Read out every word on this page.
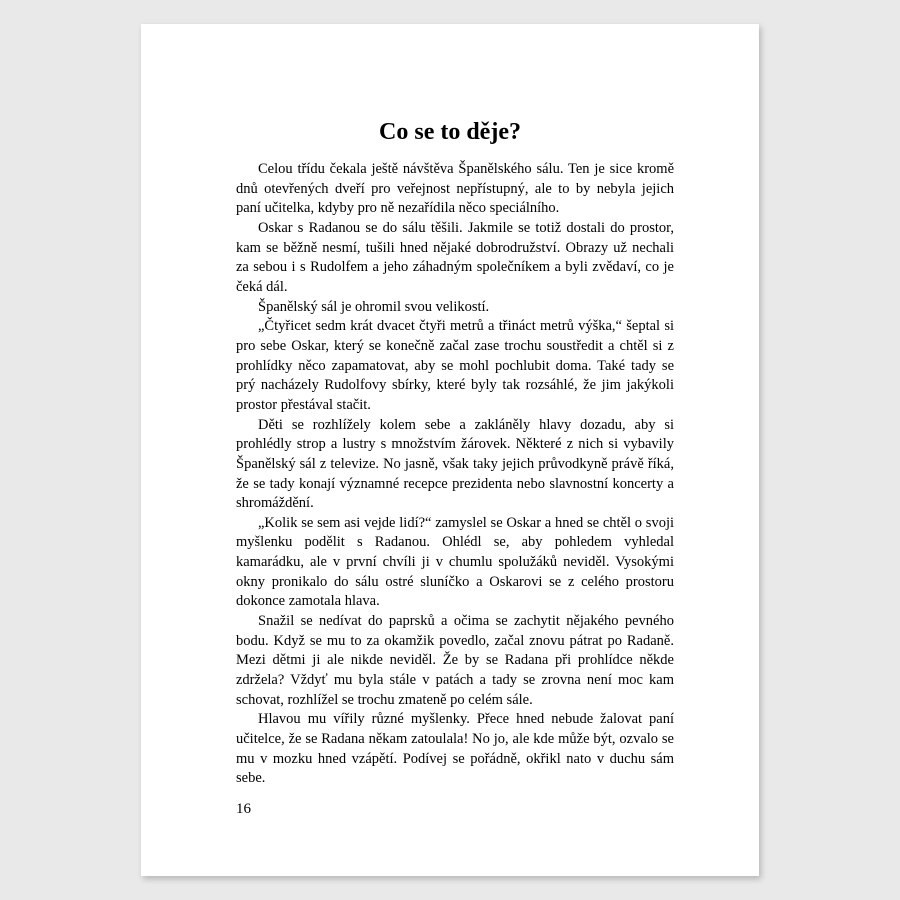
Co se to děje?

Celou třídu čekala ještě návštěva Španělského sálu. Ten je sice kromě dnů otevřených dveří pro veřejnost nepřístupný, ale to by nebyla jejich paní učitelka, kdyby pro ně nezařídila něco speciálního.

Oskar s Radanou se do sálu těšili. Jakmile se totiž dostali do prostor, kam se běžně nesmí, tušili hned nějaké dobrodružství. Obrazy už nechali za sebou i s Rudolfem a jeho záhadným společníkem a byli zvědaví, co je čeká dál.

Španělský sál je ohromil svou velikostí.

„Čtyřicet sedm krát dvacet čtyři metrů a třináct metrů výška,“ šeptal si pro sebe Oskar, který se konečně začal zase trochu soustředit a chtěl si z prohlídky něco zapamatovat, aby se mohl pochlubit doma. Také tady se prý nacházely Rudolfovy sbírky, které byly tak rozsáhlé, že jim jakýkoli prostor přestával stačit.

Děti se rozhlížely kolem sebe a zakláněly hlavy dozadu, aby si prohlédly strop a lustry s množstvím žárovek. Některé z nich si vybavily Španělský sál z televize. No jasně, však taky jejich průvodkyně právě říká, že se tady konají významné recepce prezidenta nebo slavnostní koncerty a shromáždění.

„Kolik se sem asi vejde lidí?“ zamyslel se Oskar a hned se chtěl o svoji myšlenku podělit s Radanou. Ohlédl se, aby pohledem vyhledal kamarádku, ale v první chvíli ji v chumlu spolužáků neviděl. Vysokými okny pronikalo do sálu ostré sluníčko a Oskarovi se z celého prostoru dokonce zamotala hlava.

Snažil se nedívat do paprsků a očima se zachytit nějakého pevného bodu. Když se mu to za okamžik povedlo, začal znovu pátrat po Radaně. Mezi dětmi ji ale nikde neviděl. Že by se Radana při prohlídce někde zdržela? Vždyť mu byla stále v patách a tady se zrovna není moc kam schovat, rozhlížel se trochu zmateně po celém sále.

Hlavou mu vířily různé myšlenky. Přece hned nebude žalovat paní učitelce, že se Radana někam zatoulala! No jo, ale kde může být, ozvalo se mu v mozku hned vzápětí. Podívej se pořádně, okřikl nato v duchu sám sebe.

16
